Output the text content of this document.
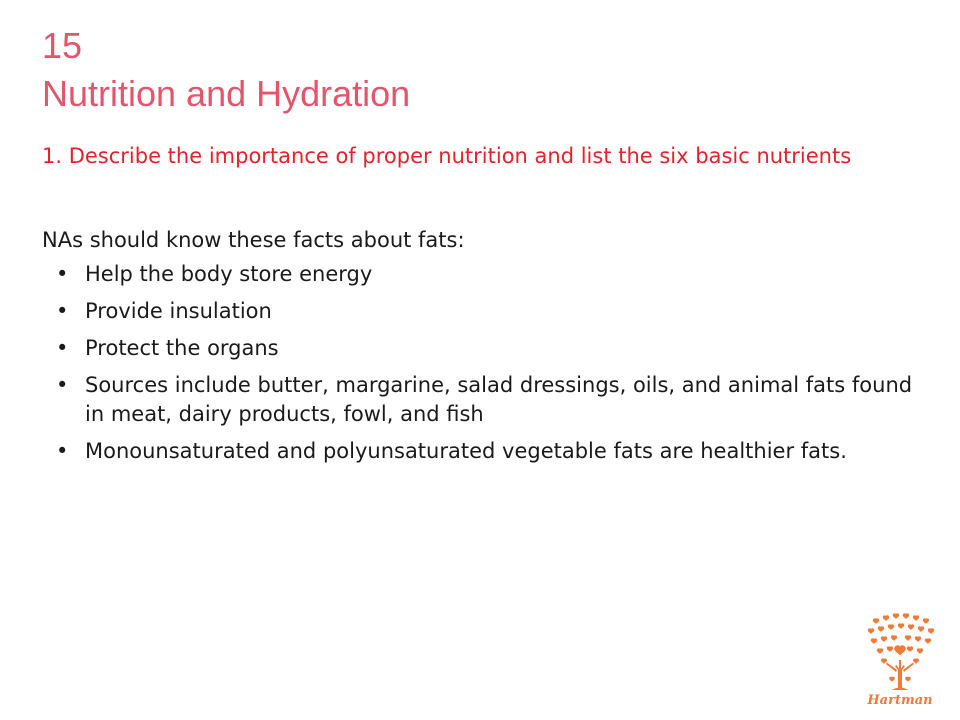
15
Nutrition and Hydration

1. Describe the importance of proper nutrition and list the six basic nutrients

NAs should know these facts about fats:

• Help the body store energy
• Provide insulation
• Protect the organs
• Sources include butter, margarine, salad dressings, oils, and animal fats found in meat, dairy products, fowl, and fish
• Monounsaturated and polyunsaturated vegetable fats are healthier fats.
Hartman
